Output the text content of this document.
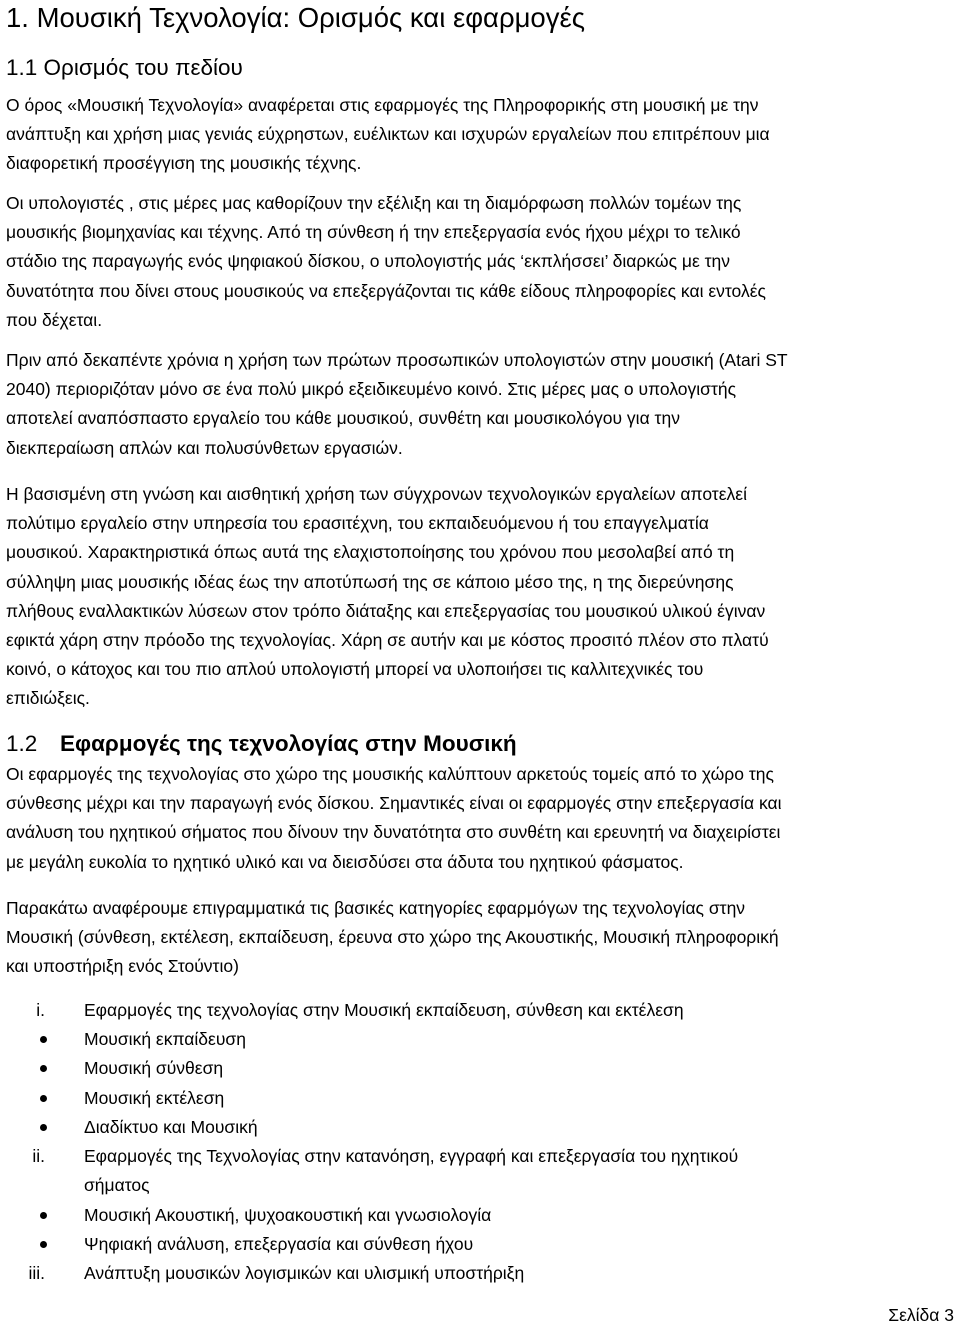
1. Μουσική Τεχνολογία: Ορισμός και εφαρμογές
1.1 Ορισμός του πεδίου

Ο όρος «Μουσική Τεχνολογία» αναφέρεται στις εφαρμογές της Πληροφορικής στη μουσική με την
ανάπτυξη και χρήση μιας γενιάς εύχρηστων, ευέλικτων και ισχυρών εργαλείων που επιτρέπουν μια
διαφορετική προσέγγιση της μουσικής τέχνης.

Οι υπολογιστές , στις μέρες μας καθορίζουν την εξέλιξη και τη διαμόρφωση πολλών τομέων της
μουσικής βιομηχανίας και τέχνης. Από τη σύνθεση ή την επεξεργασία ενός ήχου μέχρι το τελικό
στάδιο της παραγωγής ενός ψηφιακού δίσκου, ο υπολογιστής μάς ‘εκπλήσσει’ διαρκώς με την
δυνατότητα που δίνει στους μουσικούς να επεξεργάζονται τις κάθε είδους πληροφορίες και εντολές
που δέχεται.

Πριν από δεκαπέντε χρόνια η χρήση των πρώτων προσωπικών υπολογιστών στην μουσική (Atari ST
2040) περιοριζόταν μόνο σε ένα πολύ μικρό εξειδικευμένο κοινό. Στις μέρες μας ο υπολογιστής
αποτελεί αναπόσπαστο εργαλείο του κάθε μουσικού, συνθέτη και μουσικολόγου για την
διεκπεραίωση απλών και πολυσύνθετων εργασιών.

Η βασισμένη στη γνώση και αισθητική χρήση των σύγχρονων τεχνολογικών εργαλείων αποτελεί
πολύτιμο εργαλείο στην υπηρεσία του ερασιτέχνη, του εκπαιδευόμενου ή του επαγγελματία
μουσικού. Χαρακτηριστικά όπως αυτά της ελαχιστοποίησης του χρόνου που μεσολαβεί από τη
σύλληψη μιας μουσικής ιδέας έως την αποτύπωσή της σε κάποιο μέσο της, η της διερεύνησης
πλήθους εναλλακτικών λύσεων στον τρόπο διάταξης και επεξεργασίας του μουσικού υλικού έγιναν
εφικτά χάρη στην πρόοδο της τεχνολογίας. Χάρη σε αυτήν και με κόστος προσιτό πλέον στο πλατύ
κοινό, ο κάτοχος και του πιο απλού υπολογιστή μπορεί να υλοποιήσει τις καλλιτεχνικές του
επιδιώξεις.

1.2 Εφαρμογές της τεχνολογίας στην Μουσική

Οι εφαρμογές της τεχνολογίας στο χώρο της μουσικής καλύπτουν αρκετούς τομείς από το χώρο της
σύνθεσης μέχρι και την παραγωγή ενός δίσκου. Σημαντικές είναι οι εφαρμογές στην επεξεργασία και
ανάλυση του ηχητικού σήματος που δίνουν την δυνατότητα στο συνθέτη και ερευνητή να διαχειρίστει
με μεγάλη ευκολία το ηχητικό υλικό και να διεισδύσει στα άδυτα του ηχητικού φάσματος.

Παρακάτω αναφέρουμε επιγραμματικά τις βασικές κατηγορίες εφαρμόγων της τεχνολογίας στην
Μουσική (σύνθεση, εκτέλεση, εκπαίδευση, έρευνα στο χώρο της Ακουστικής, Μουσική πληροφορική
και υποστήριξη ενός Στούντιο)

i. Εφαρμογές της τεχνολογίας στην Μουσική εκπαίδευση, σύνθεση και εκτέλεση
Μουσική εκπαίδευση
Μουσική σύνθεση
Μουσική εκτέλεση
Διαδίκτυο και Μουσική
ii. Εφαρμογές της Τεχνολογίας στην κατανόηση, εγγραφή και επεξεργασία του ηχητικού
σήματος
Μουσική Ακουστική, ψυχοακουστική και γνωσιολογία
Ψηφιακή ανάλυση, επεξεργασία και σύνθεση ήχου
iii. Ανάπτυξη μουσικών λογισμικών και υλισμική υποστήριξη
Σελίδα 3
